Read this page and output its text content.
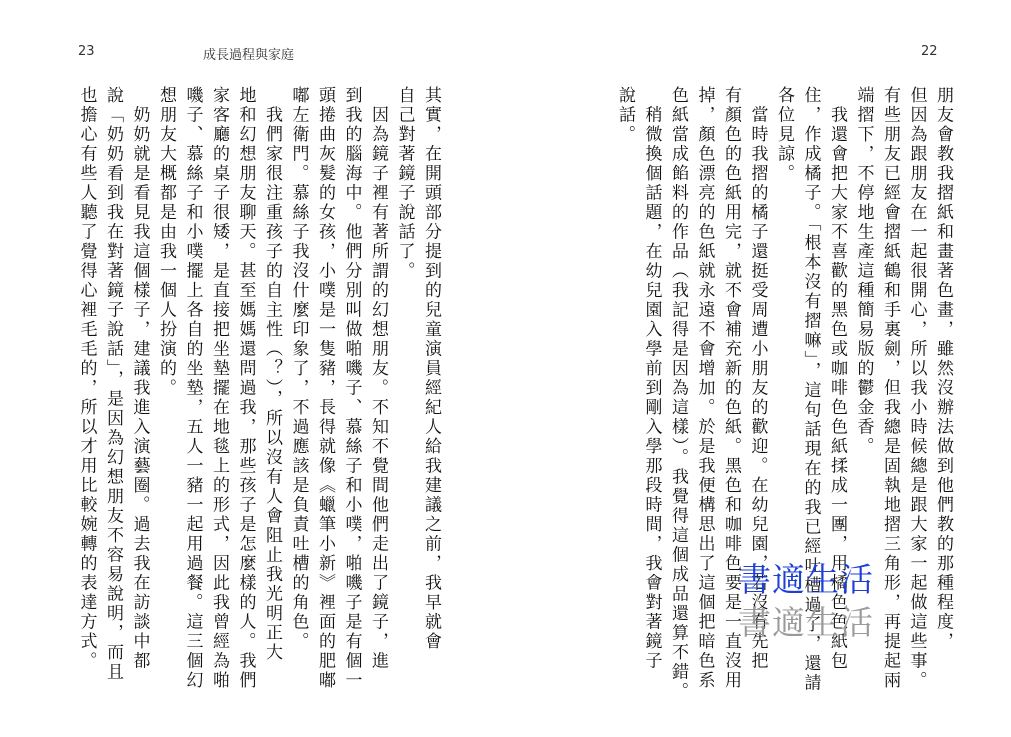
23	成長過程與家庭
其實，在開頭部分提到的兒童演員經紀人給我建議之前，我早就會
自己對著鏡子說話了。
　因為鏡子裡有著所謂的幻想朋友。不知不覺間他們走出了鏡子，進
到我的腦海中。他們分別叫做啪嘰子、慕絲子和小噗，啪嘰子是有個一
頭捲曲灰髮的女孩，小噗是一隻豬，長得就像《蠟筆小新》裡面的肥嘟
嘟左衛門。慕絲子我沒什麼印象了，不過應該是負責吐槽的角色。
　我們家很注重孩子的自主性（？），所以沒有人會阻止我光明正大
地和幻想朋友聊天。甚至媽媽還問過我，那些孩子是怎麼樣的人。我們
家客廳的桌子很矮，是直接把坐墊擺在地毯上的形式，因此我曾經為啪
嘰子、慕絲子和小噗擺上各自的坐墊，五人一豬一起用過餐。這三個幻
想朋友大概都是由我一個人扮演的。
　奶奶就是看見我這個樣子，建議我進入演藝圈。過去我在訪談中都
說「奶奶看到我在對著鏡子說話」，是因為幻想朋友不容易說明，而且
也擔心有些人聽了覺得心裡毛毛的，所以才用比較婉轉的表達方式。
22
朋友會教我摺紙和畫著色畫，雖然沒辦法做到他們教的那種程度，
但因為跟朋友在一起很開心，所以我小時候總是跟大家一起做這些事。
有些朋友已經會摺紙鶴和手裏劍，但我總是固執地摺三角形，再提起兩
端摺下，不停地生產這種簡易版的鬱金香。
　我還會把大家不喜歡的黑色或咖啡色色紙揉成一團，用橘色色紙包
住，作成橘子。「根本沒有摺嘛」，這句話現在的我已經吐槽過了，還請
各位見諒。
　當時我摺的橘子還挺受周遭小朋友的歡迎。在幼兒園，若沒有先把
有顏色的色紙用完，就不會補充新的色紙。黑色和咖啡色要是一直沒用
掉，顏色漂亮的色紙就永遠不會增加。於是我便構思出了這個把暗色系
色紙當成餡料的作品（我記得是因為這樣）。我覺得這個成品還算不錯。
　稍微換個話題，在幼兒園入學前到剛入學那段時間，我會對著鏡子
說話。
書適生活
書適生活
